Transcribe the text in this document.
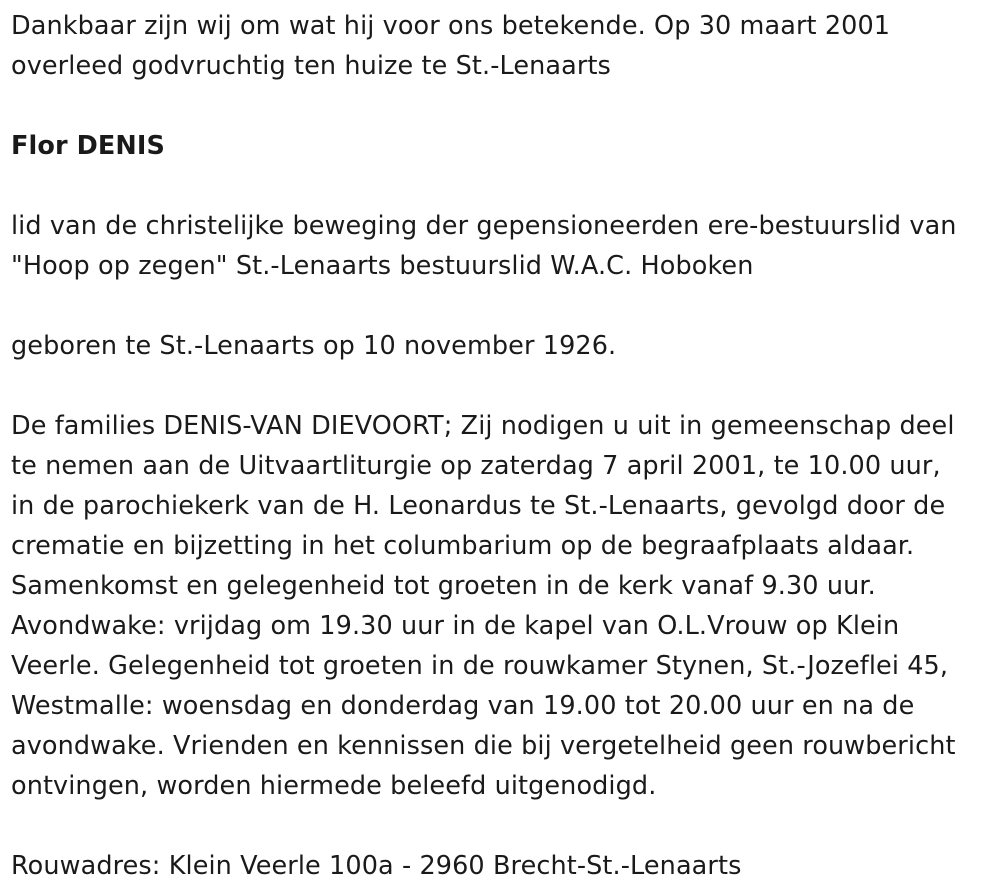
Dankbaar zijn wij om wat hij voor ons betekende. Op 30 maart 2001
overleed godvruchtig ten huize te St.-Lenaarts

Flor DENIS

lid van de christelijke beweging der gepensioneerden ere-bestuurslid van
"Hoop op zegen" St.-Lenaarts bestuurslid W.A.C. Hoboken

geboren te St.-Lenaarts op 10 november 1926.

De families DENIS-VAN DIEVOORT; Zij nodigen u uit in gemeenschap deel
te nemen aan de Uitvaartliturgie op zaterdag 7 april 2001, te 10.00 uur,
in de parochiekerk van de H. Leonardus te St.-Lenaarts, gevolgd door de
crematie en bijzetting in het columbarium op de begraafplaats aldaar.
Samenkomst en gelegenheid tot groeten in de kerk vanaf 9.30 uur.
Avondwake: vrijdag om 19.30 uur in de kapel van O.L.Vrouw op Klein
Veerle. Gelegenheid tot groeten in de rouwkamer Stynen, St.-Jozeflei 45,
Westmalle: woensdag en donderdag van 19.00 tot 20.00 uur en na de
avondwake. Vrienden en kennissen die bij vergetelheid geen rouwbericht
ontvingen, worden hiermede beleefd uitgenodigd.

Rouwadres: Klein Veerle 100a - 2960 Brecht-St.-Lenaarts
